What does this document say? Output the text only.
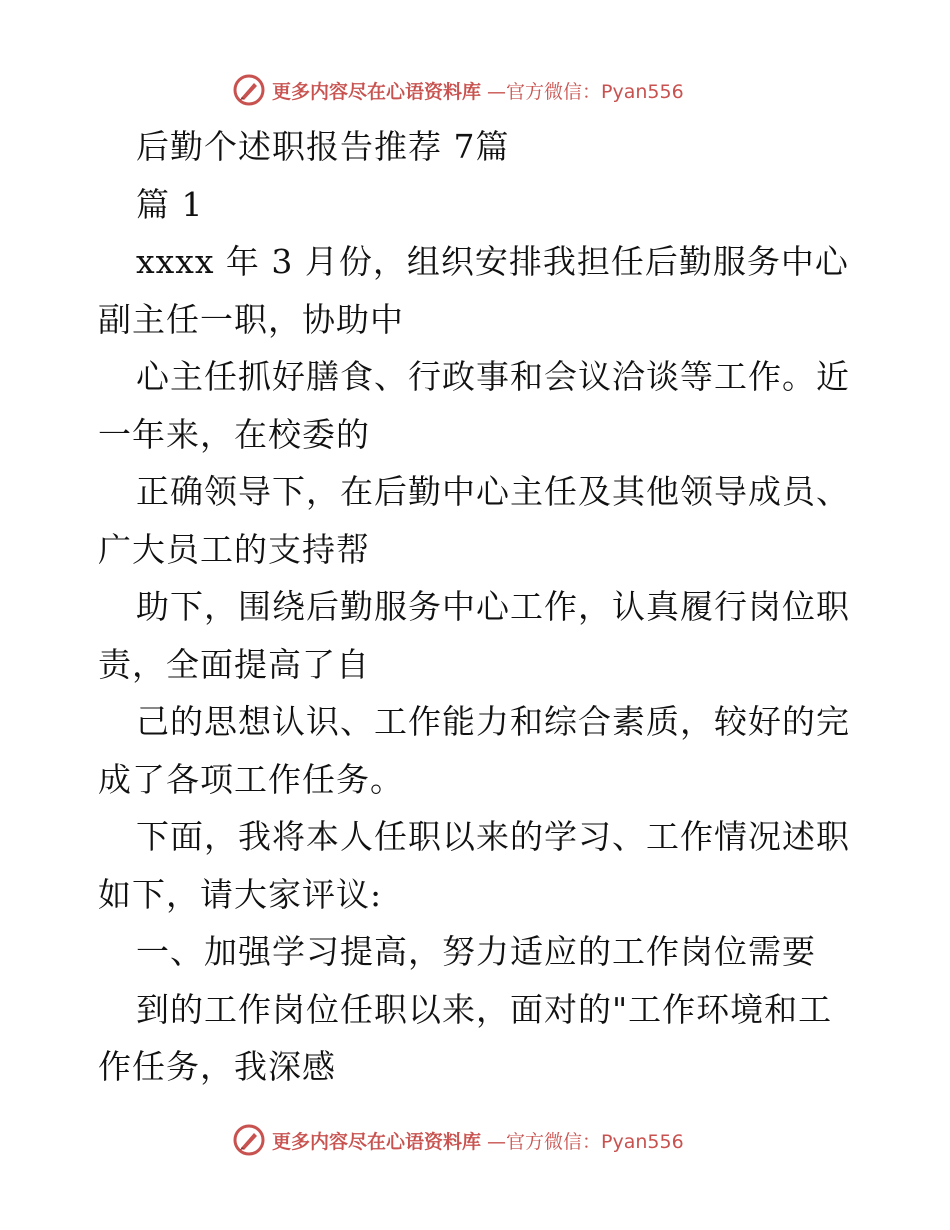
更多内容尽在心语资料库 —官方微信：Pyan556
后勤个述职报告推荐 7篇
篇 1
xxxx 年 3 月份，组织安排我担任后勤服务中心
副主任一职，协助中
心主任抓好膳食、行政事和会议洽谈等工作。近
一年来，在校委的
正确领导下，在后勤中心主任及其他领导成员、
广大员工的支持帮
助下，围绕后勤服务中心工作，认真履行岗位职
责，全面提高了自
己的思想认识、工作能力和综合素质，较好的完
成了各项工作任务。
下面，我将本人任职以来的学习、工作情况述职
如下，请大家评议:
一、加强学习提高，努力适应的工作岗位需要
到的工作岗位任职以来，面对的"工作环境和工
作任务，我深感
更多内容尽在心语资料库 —官方微信：Pyan556
